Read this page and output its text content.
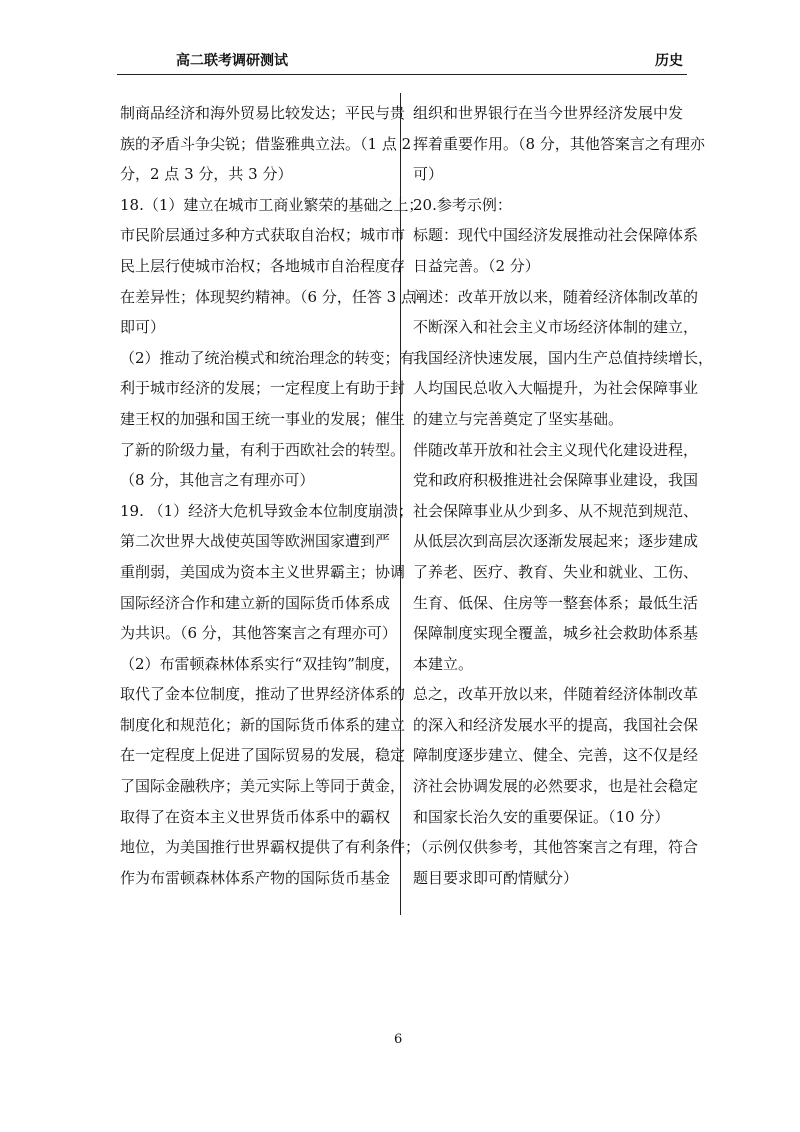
高二联考调研测试	历史
制商品经济和海外贸易比较发达；平民与贵
族的矛盾斗争尖锐；借鉴雅典立法。（1 点 2
分，2 点 3 分，共 3 分）
18.（1）建立在城市工商业繁荣的基础之上；
市民阶层通过多种方式获取自治权；城市市
民上层行使城市治权；各地城市自治程度存
在差异性；体现契约精神。（6 分，任答 3 点
即可）
（2）推动了统治模式和统治理念的转变；有
利于城市经济的发展；一定程度上有助于封
建王权的加强和国王统一事业的发展；催生
了新的阶级力量，有利于西欧社会的转型。
（8 分，其他言之有理亦可）
19. （1）经济大危机导致金本位制度崩溃；
第二次世界大战使英国等欧洲国家遭到严
重削弱，美国成为资本主义世界霸主；协调
国际经济合作和建立新的国际货币体系成
为共识。（6 分，其他答案言之有理亦可）
（2）布雷顿森林体系实行“双挂钩”制度，
取代了金本位制度，推动了世界经济体系的
制度化和规范化；新的国际货币体系的建立
在一定程度上促进了国际贸易的发展，稳定
了国际金融秩序；美元实际上等同于黄金，
取得了在资本主义世界货币体系中的霸权
地位，为美国推行世界霸权提供了有利条件；
作为布雷顿森林体系产物的国际货币基金
组织和世界银行在当今世界经济发展中发
挥着重要作用。（8 分，其他答案言之有理亦
可）
20.参考示例：
标题：现代中国经济发展推动社会保障体系
日益完善。（2 分）
阐述：改革开放以来，随着经济体制改革的
不断深入和社会主义市场经济体制的建立，
我国经济快速发展，国内生产总值持续增长，
人均国民总收入大幅提升，为社会保障事业
的建立与完善奠定了坚实基础。
伴随改革开放和社会主义现代化建设进程，
党和政府积极推进社会保障事业建设，我国
社会保障事业从少到多、从不规范到规范、
从低层次到高层次逐渐发展起来；逐步建成
了养老、医疗、教育、失业和就业、工伤、
生育、低保、住房等一整套体系；最低生活
保障制度实现全覆盖，城乡社会救助体系基
本建立。
总之，改革开放以来，伴随着经济体制改革
的深入和经济发展水平的提高，我国社会保
障制度逐步建立、健全、完善，这不仅是经
济社会协调发展的必然要求，也是社会稳定
和国家长治久安的重要保证。（10 分）
（示例仅供参考，其他答案言之有理，符合
题目要求即可酌情赋分）
6
